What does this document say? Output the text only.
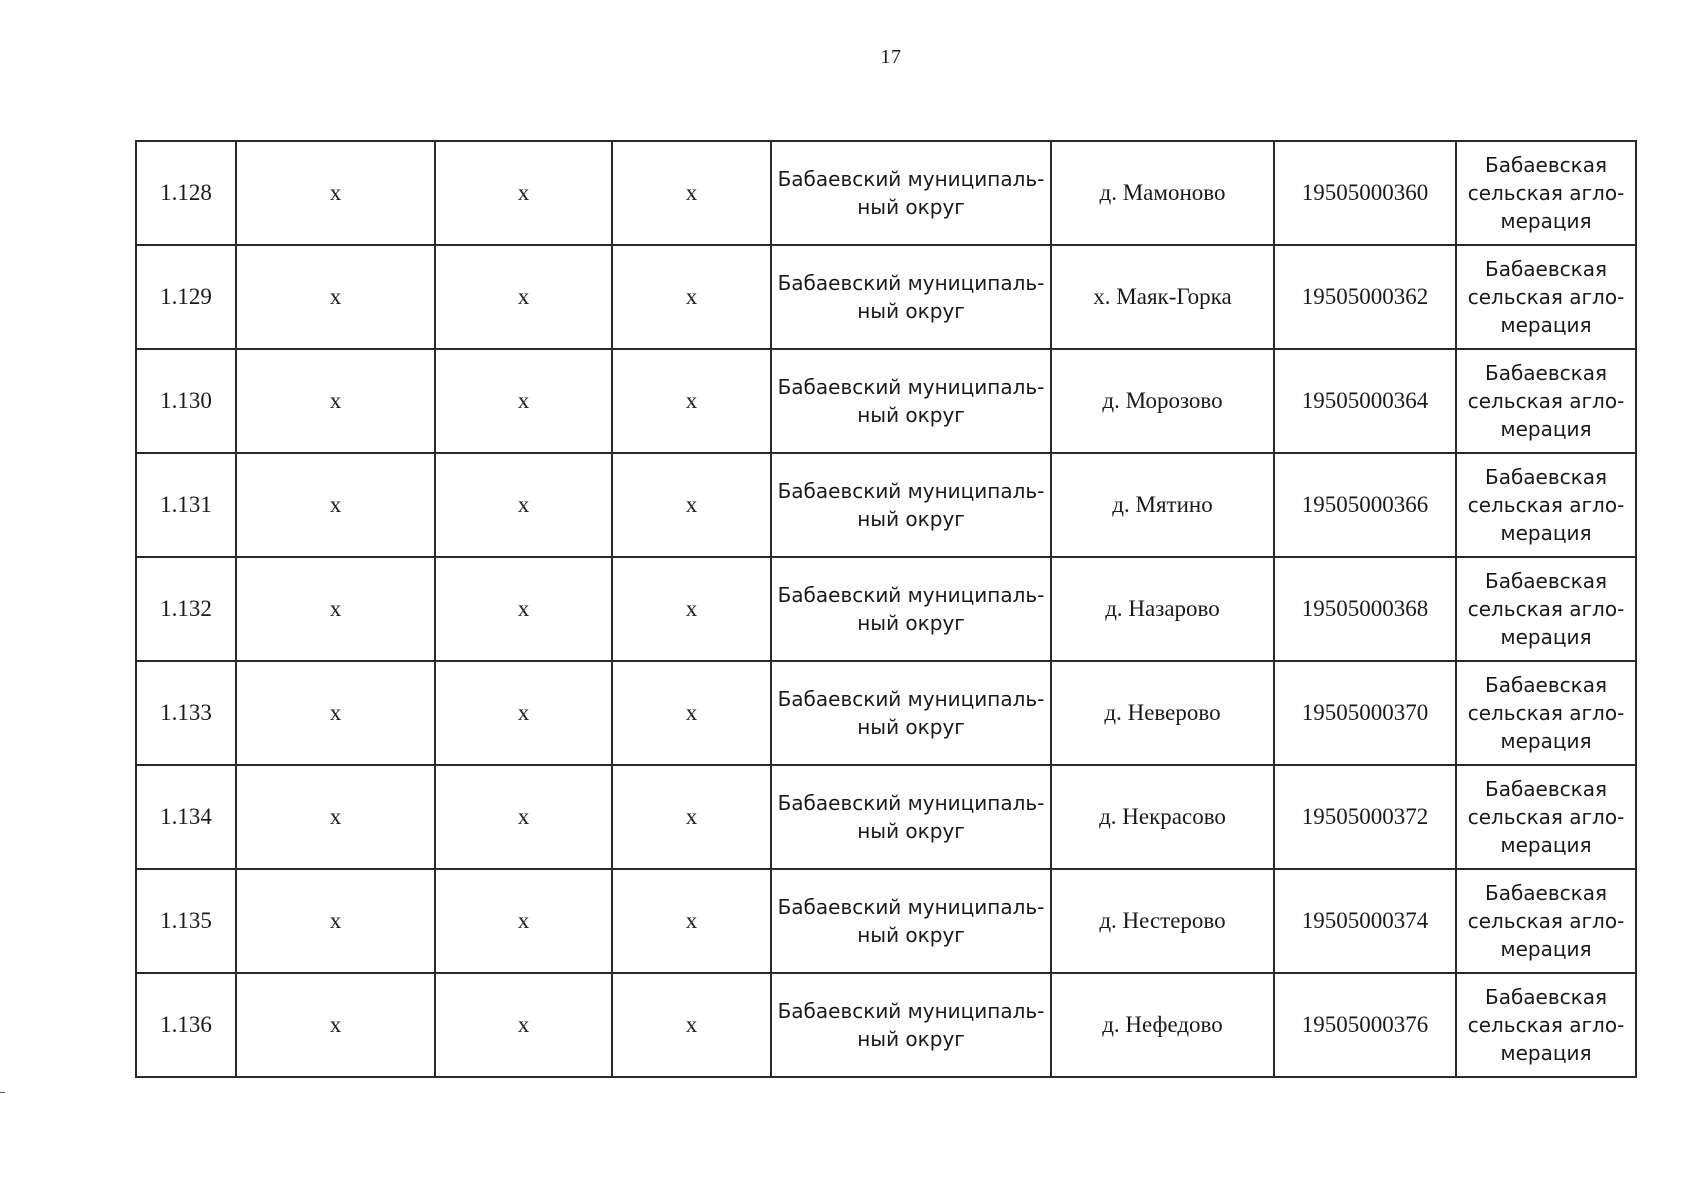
17
1.128	х	х	х	Бабаевский муниципаль-ный округ	д. Мамоново	19505000360	Бабаевская сельская агло-мерация
1.129	х	х	х	Бабаевский муниципаль-ный округ	х. Маяк-Горка	19505000362	Бабаевская сельская агло-мерация
1.130	х	х	х	Бабаевский муниципаль-ный округ	д. Морозово	19505000364	Бабаевская сельская агло-мерация
1.131	х	х	х	Бабаевский муниципаль-ный округ	д. Мятино	19505000366	Бабаевская сельская агло-мерация
1.132	х	х	х	Бабаевский муниципаль-ный округ	д. Назарово	19505000368	Бабаевская сельская агло-мерация
1.133	х	х	х	Бабаевский муниципаль-ный округ	д. Неверово	19505000370	Бабаевская сельская агло-мерация
1.134	х	х	х	Бабаевский муниципаль-ный округ	д. Некрасово	19505000372	Бабаевская сельская агло-мерация
1.135	х	х	х	Бабаевский муниципаль-ный округ	д. Нестерово	19505000374	Бабаевская сельская агло-мерация
1.136	х	х	х	Бабаевский муниципаль-ный округ	д. Нефедово	19505000376	Бабаевская сельская агло-мерация
